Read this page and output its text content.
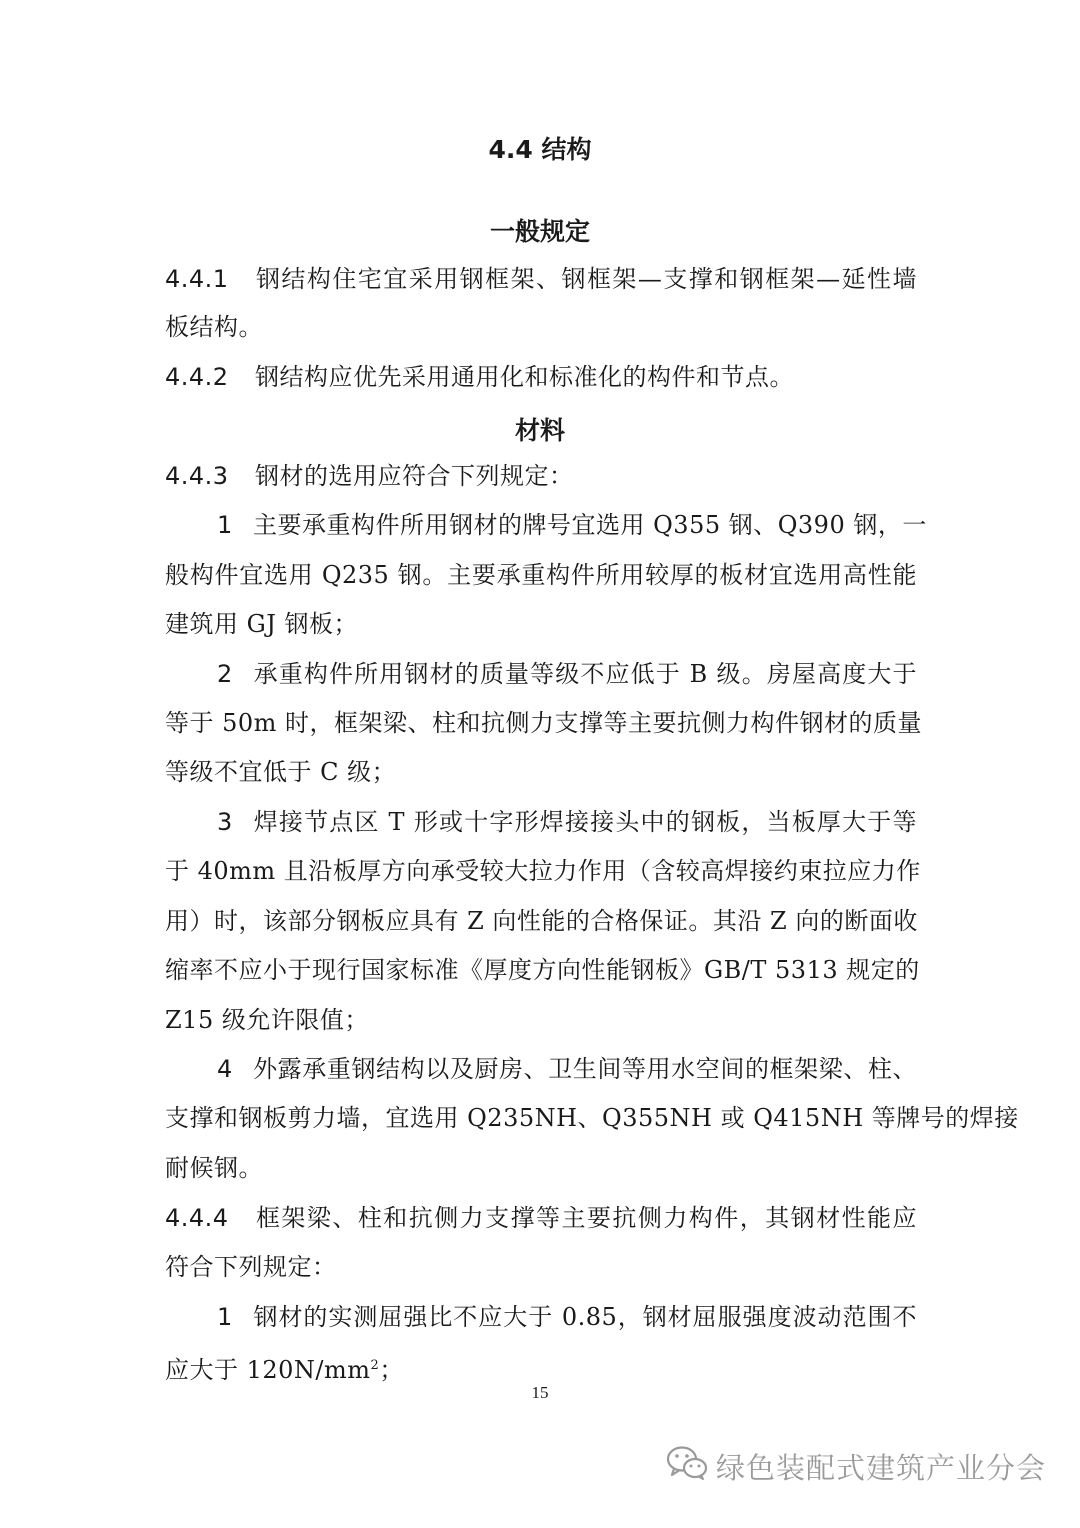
4.4 结构
一般规定
4.4.1 钢结构住宅宜采用钢框架、钢框架—支撑和钢框架—延性墙
板结构。
4.4.2 钢结构应优先采用通用化和标准化的构件和节点。
材料
4.4.3 钢材的选用应符合下列规定：
1 主要承重构件所用钢材的牌号宜选用 Q355 钢、Q390 钢，一
般构件宜选用 Q235 钢。主要承重构件所用较厚的板材宜选用高性能
建筑用 GJ 钢板；
2 承重构件所用钢材的质量等级不应低于 B 级。房屋高度大于
等于 50m 时，框架梁、柱和抗侧力支撑等主要抗侧力构件钢材的质量
等级不宜低于 C 级；
3 焊接节点区 T 形或十字形焊接接头中的钢板，当板厚大于等
于 40mm 且沿板厚方向承受较大拉力作用（含较高焊接约束拉应力作
用）时，该部分钢板应具有 Z 向性能的合格保证。其沿 Z 向的断面收
缩率不应小于现行国家标准《厚度方向性能钢板》GB/T 5313 规定的
Z15 级允许限值；
4 外露承重钢结构以及厨房、卫生间等用水空间的框架梁、柱、
支撑和钢板剪力墙，宜选用 Q235NH、Q355NH 或 Q415NH 等牌号的焊接
耐候钢。
4.4.4 框架梁、柱和抗侧力支撑等主要抗侧力构件，其钢材性能应
符合下列规定：
1 钢材的实测屈强比不应大于 0.85，钢材屈服强度波动范围不
应大于 $120N/mm^2$；
15
绿色装配式建筑产业分会
